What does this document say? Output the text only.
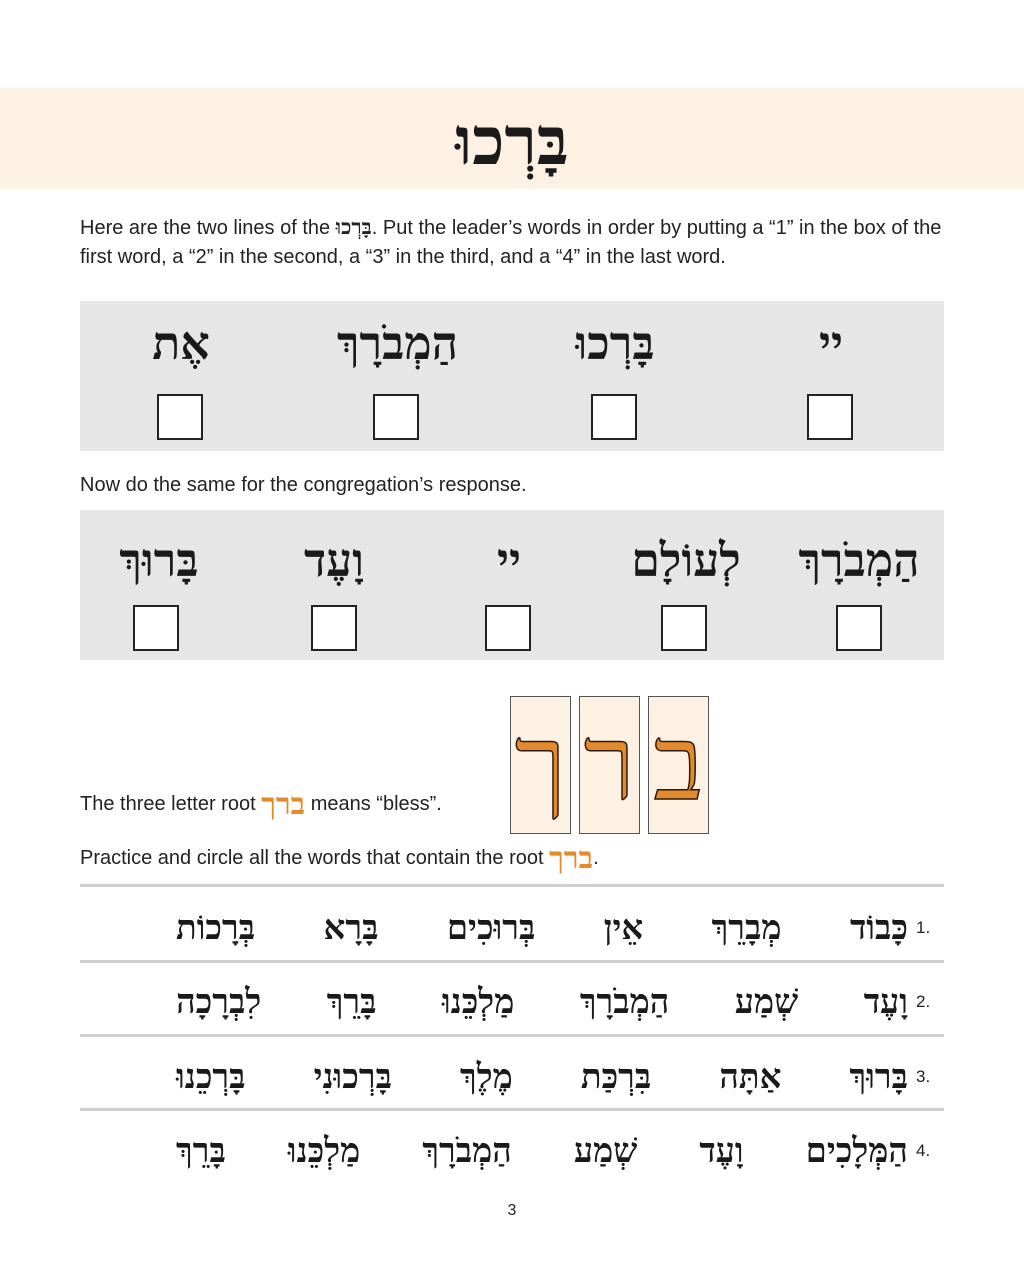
בָּרְכוּ
Here are the two lines of the בָּרְכוּ. Put the leader’s words in order by putting a “1” in the box of the first word, a “2” in the second, a “3” in the third, and a “4” in the last word.
אֶת	הַמְבֹרָךְ	בָּרְכוּ	יי
Now do the same for the congregation’s response.
בָּרוּךְ	וָעֶד	יי	לְעוֹלָם	הַמְבֹרָךְ
The three letter root ברך means “bless”. ך ר ב
Practice and circle all the words that contain the root ברך.
1.
כָּבוֹד
מְבָרֵךְ
אֵין
בְּרוּכִים
בָּרָא
בְּרָכוֹת
2.
וָעֶד
שְׁמַע
הַמְבֹרָךְ
מַלְכֵּנוּ
בָּרֵךְ
לִבְרָכָה
3.
בָּרוּךְ
אַתָּה
בִּרְכַּת
מֶלֶךְ
בָּרְכוּנִי
בָּרְכֵנוּ
4.
הַמְּלָכִים
וָעֶד
שְׁמַע
הַמְבֹרָךְ
מַלְכֵּנוּ
בָּרֵךְ
3
